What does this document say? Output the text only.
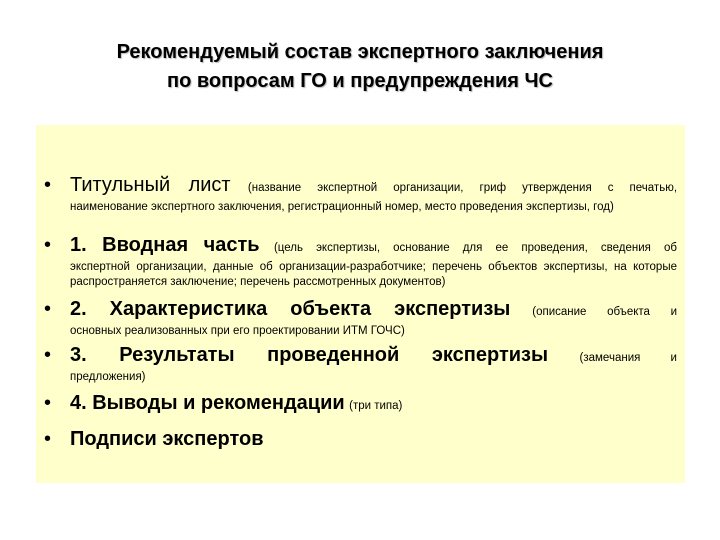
Рекомендуемый состав экспертного заключения
по вопросам ГО и предупреждения ЧС
• Титульный лист (название экспертной организации, гриф утверждения с печатью,
наименование экспертного заключения, регистрационный номер, место проведения экспертизы, год)
• 1. Вводная часть (цель экспертизы, основание для ее проведения, сведения об
экспертной организации, данные об организации-разработчике; перечень объектов экспертизы, на которые распространяется заключение; перечень рассмотренных документов)
• 2. Характеристика объекта экспертизы (описание объекта и
основных реализованных при его проектировании ИТМ ГОЧС)
• 3. Результаты проведенной экспертизы	(замечания и
предложения)
• 4. Выводы и рекомендации (три типа)
• Подписи экспертов
